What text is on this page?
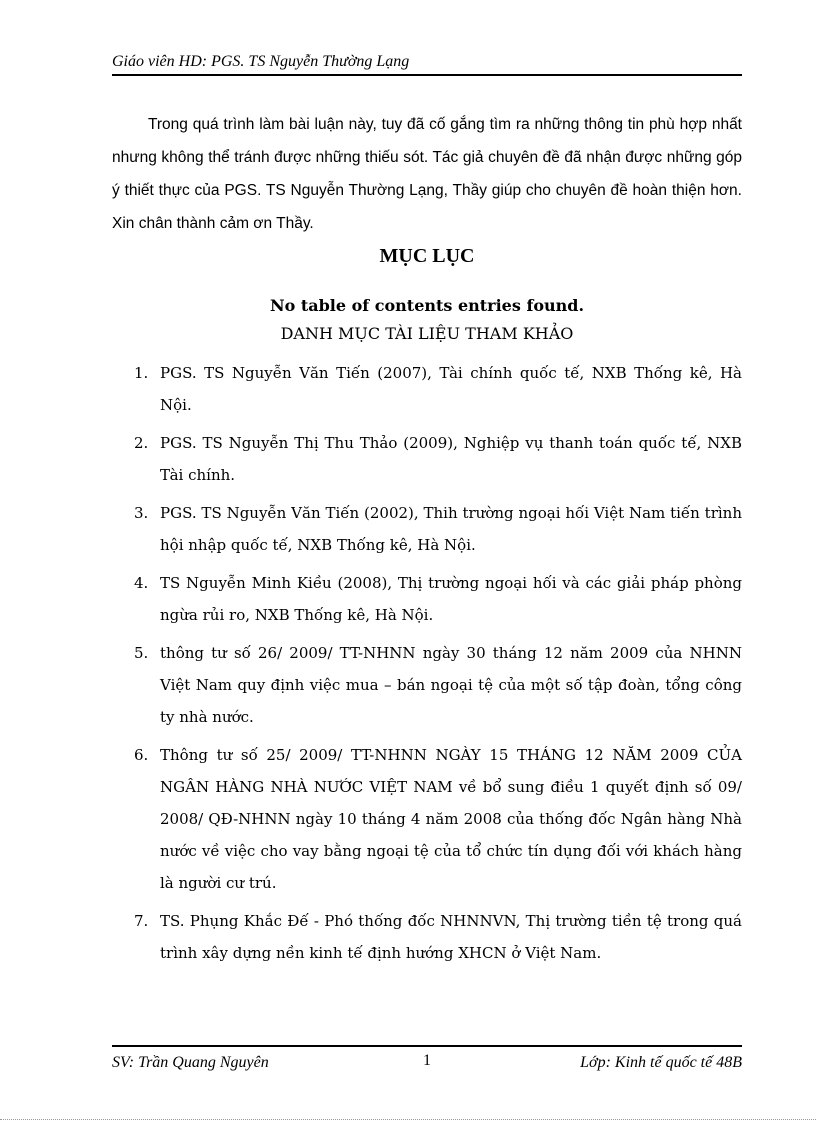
Giáo viên HD: PGS. TS Nguyễn Thường Lạng

Trong quá trình làm bài luận này, tuy đã cố gắng tìm ra những thông tin phù hợp nhất nhưng không thể tránh được những thiếu sót. Tác giả chuyên đề đã nhận được những góp ý thiết thực của PGS. TS Nguyễn Thường Lạng, Thầy giúp cho chuyên đề hoàn thiện hơn. Xin chân thành cảm ơn Thầy.

MỤC LỤC
No table of contents entries found.
DANH MỤC TÀI LIỆU THAM KHẢO
1. PGS. TS Nguyễn Văn Tiến (2007), Tài chính quốc tế, NXB Thống kê, Hà Nội.
2. PGS. TS Nguyễn Thị Thu Thảo (2009), Nghiệp vụ thanh toán quốc tế, NXB Tài chính.
3. PGS. TS Nguyễn Văn Tiến (2002), Thih trường ngoại hối Việt Nam tiến trình hội nhập quốc tế, NXB Thống kê, Hà Nội.
4. TS Nguyễn Minh Kiều (2008), Thị trường ngoại hối và các giải pháp phòng ngừa rủi ro, NXB Thống kê, Hà Nội.
5. thông tư số 26/ 2009/ TT-NHNN ngày 30 tháng 12 năm 2009 của NHNN Việt Nam quy định việc mua – bán ngoại tệ của một số tập đoàn, tổng công ty nhà nước.
6. Thông tư số 25/ 2009/ TT-NHNN NGÀY 15 THÁNG 12 NĂM 2009 CỦA NGÂN HÀNG NHÀ NƯỚC VIỆT NAM về bổ sung điều 1 quyết định số 09/ 2008/ QĐ-NHNN ngày 10 tháng 4 năm 2008 của thống đốc Ngân hàng Nhà nước về việc cho vay bằng ngoại tệ của tổ chức tín dụng đối với khách hàng là người cư trú.
7. TS. Phụng Khắc Đế - Phó thống đốc NHNNVN, Thị trường tiền tệ trong quá trình xây dựng nền kinh tế định hướng XHCN ở Việt Nam.
SV: Trần Quang Nguyên	1	Lớp: Kinh tế quốc tế 48B
